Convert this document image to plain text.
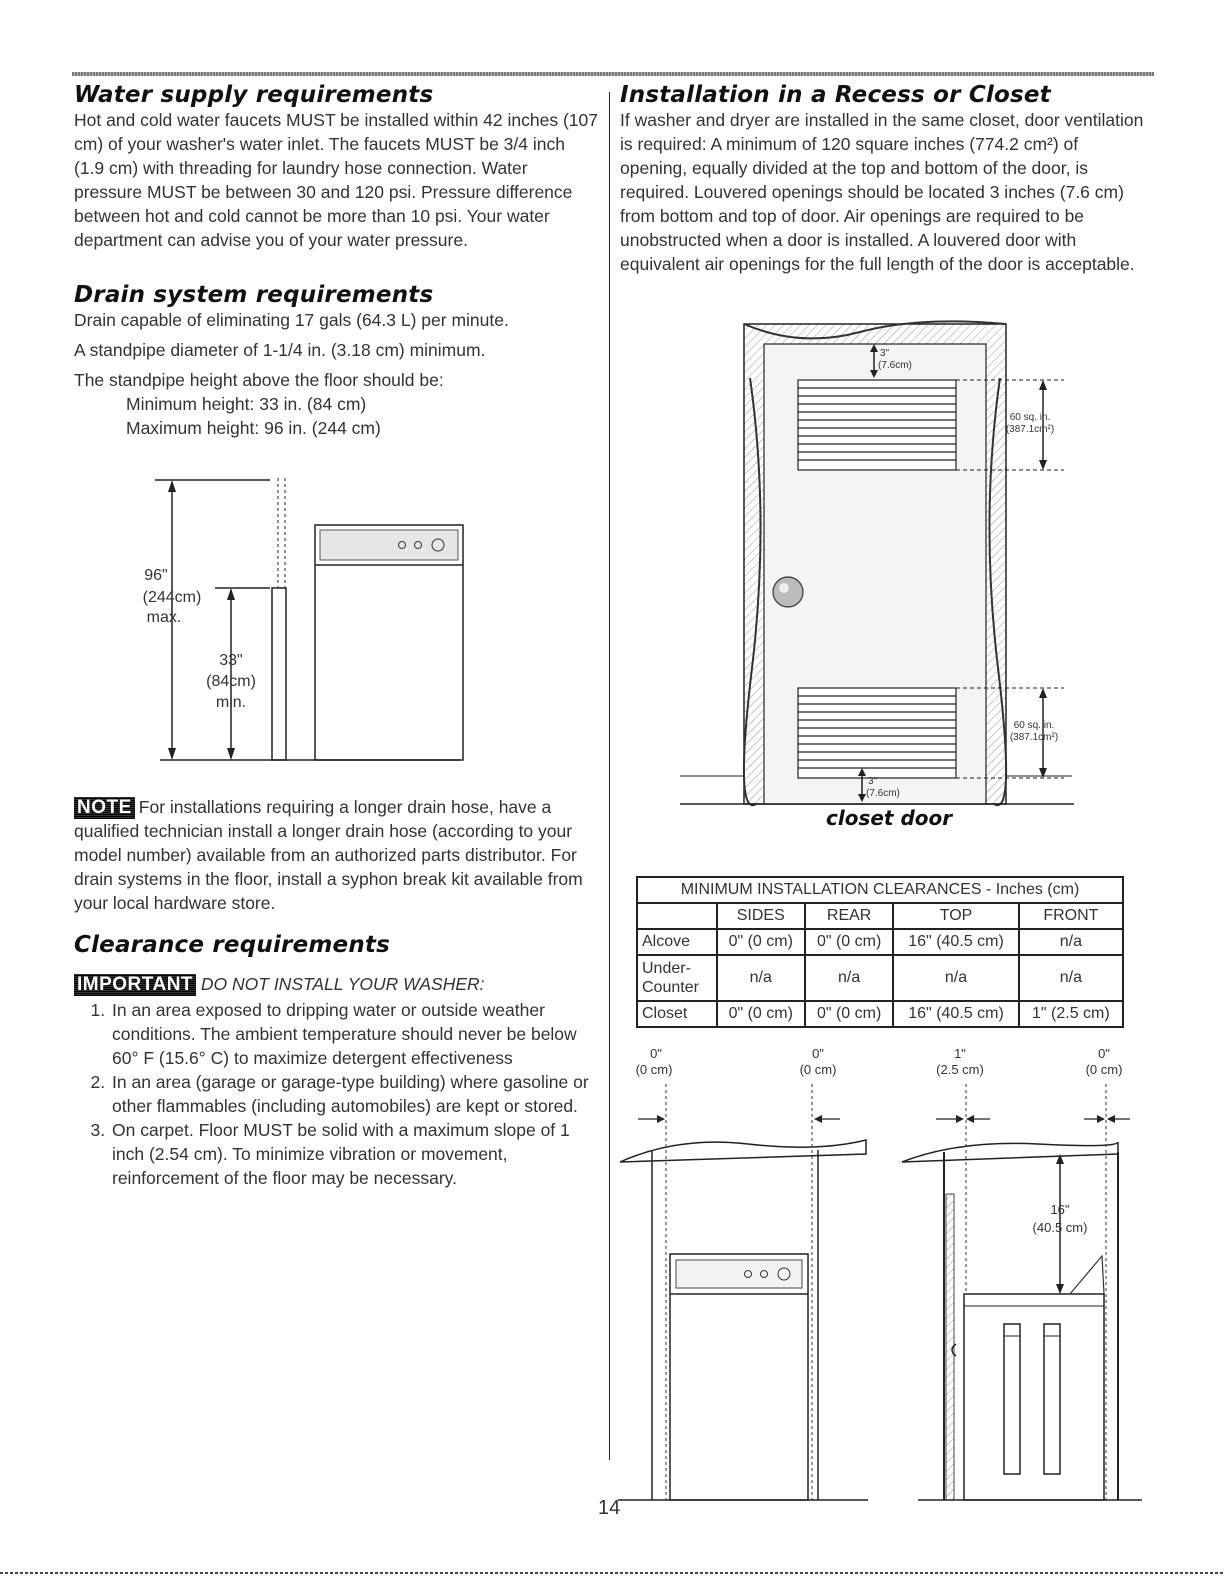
Water supply requirements

Hot and cold water faucets MUST be installed within 42 inches (107 cm) of your washer's water inlet. The faucets MUST be 3/4 inch (1.9 cm) with threading for laundry hose connection. Water pressure MUST be between 30 and 120 psi. Pressure difference between hot and cold cannot be more than 10 psi. Your water department can advise you of your water pressure.

Drain system requirements

Drain capable of eliminating 17 gals (64.3 L) per minute.

A standpipe diameter of 1-1/4 in. (3.18 cm) minimum.

The standpipe height above the floor should be:

Minimum height: 33 in. (84 cm)

Maximum height: 96 in. (244 cm)

96"
(244cm)
max.
33"
(84cm)
min.

NOTE For installations requiring a longer drain hose, have a qualified technician install a longer drain hose (according to your model number) available from an authorized parts distributor. For drain systems in the floor, install a syphon break kit available from your local hardware store.

Clearance requirements
IMPORTANT DO NOT INSTALL YOUR WASHER:
1. In an area exposed to dripping water or outside weather conditions. The ambient temperature should never be below 60° F (15.6° C) to maximize detergent effectiveness
2. In an area (garage or garage-type building) where gasoline or other flammables (including automobiles) are kept or stored.
3. On carpet. Floor MUST be solid with a maximum slope of 1 inch (2.54 cm). To minimize vibration or movement, reinforcement of the floor may be necessary.
Installation in a Recess or Closet

If washer and dryer are installed in the same closet, door ventilation is required: A minimum of 120 square inches (774.2 cm²) of opening, equally divided at the top and bottom of the door, is required. Louvered openings should be located 3 inches (7.6 cm) from bottom and top of door. Air openings are required to be unobstructed when a door is installed. A louvered door with equivalent air openings for the full length of the door is acceptable.

3"
(7.6cm)
60 sq. in.
(387.1cm²)
60 sq. in.
(387.1cm²)
3"
(7.6cm)
closet door
MINIMUM INSTALLATION CLEARANCES - Inches (cm)				
	SIDES	REAR	TOP	FRONT
Alcove	0" (0 cm)	0" (0 cm)	16" (40.5 cm)	n/a
Under-
Counter	n/a	n/a	n/a	n/a
Closet	0" (0 cm)	0" (0 cm)	16" (40.5 cm)	1" (2.5 cm)
0"
(0 cm)
0"
(0 cm)
1"
(2.5 cm)
0"
(0 cm)
16"
(40.5 cm)
14
